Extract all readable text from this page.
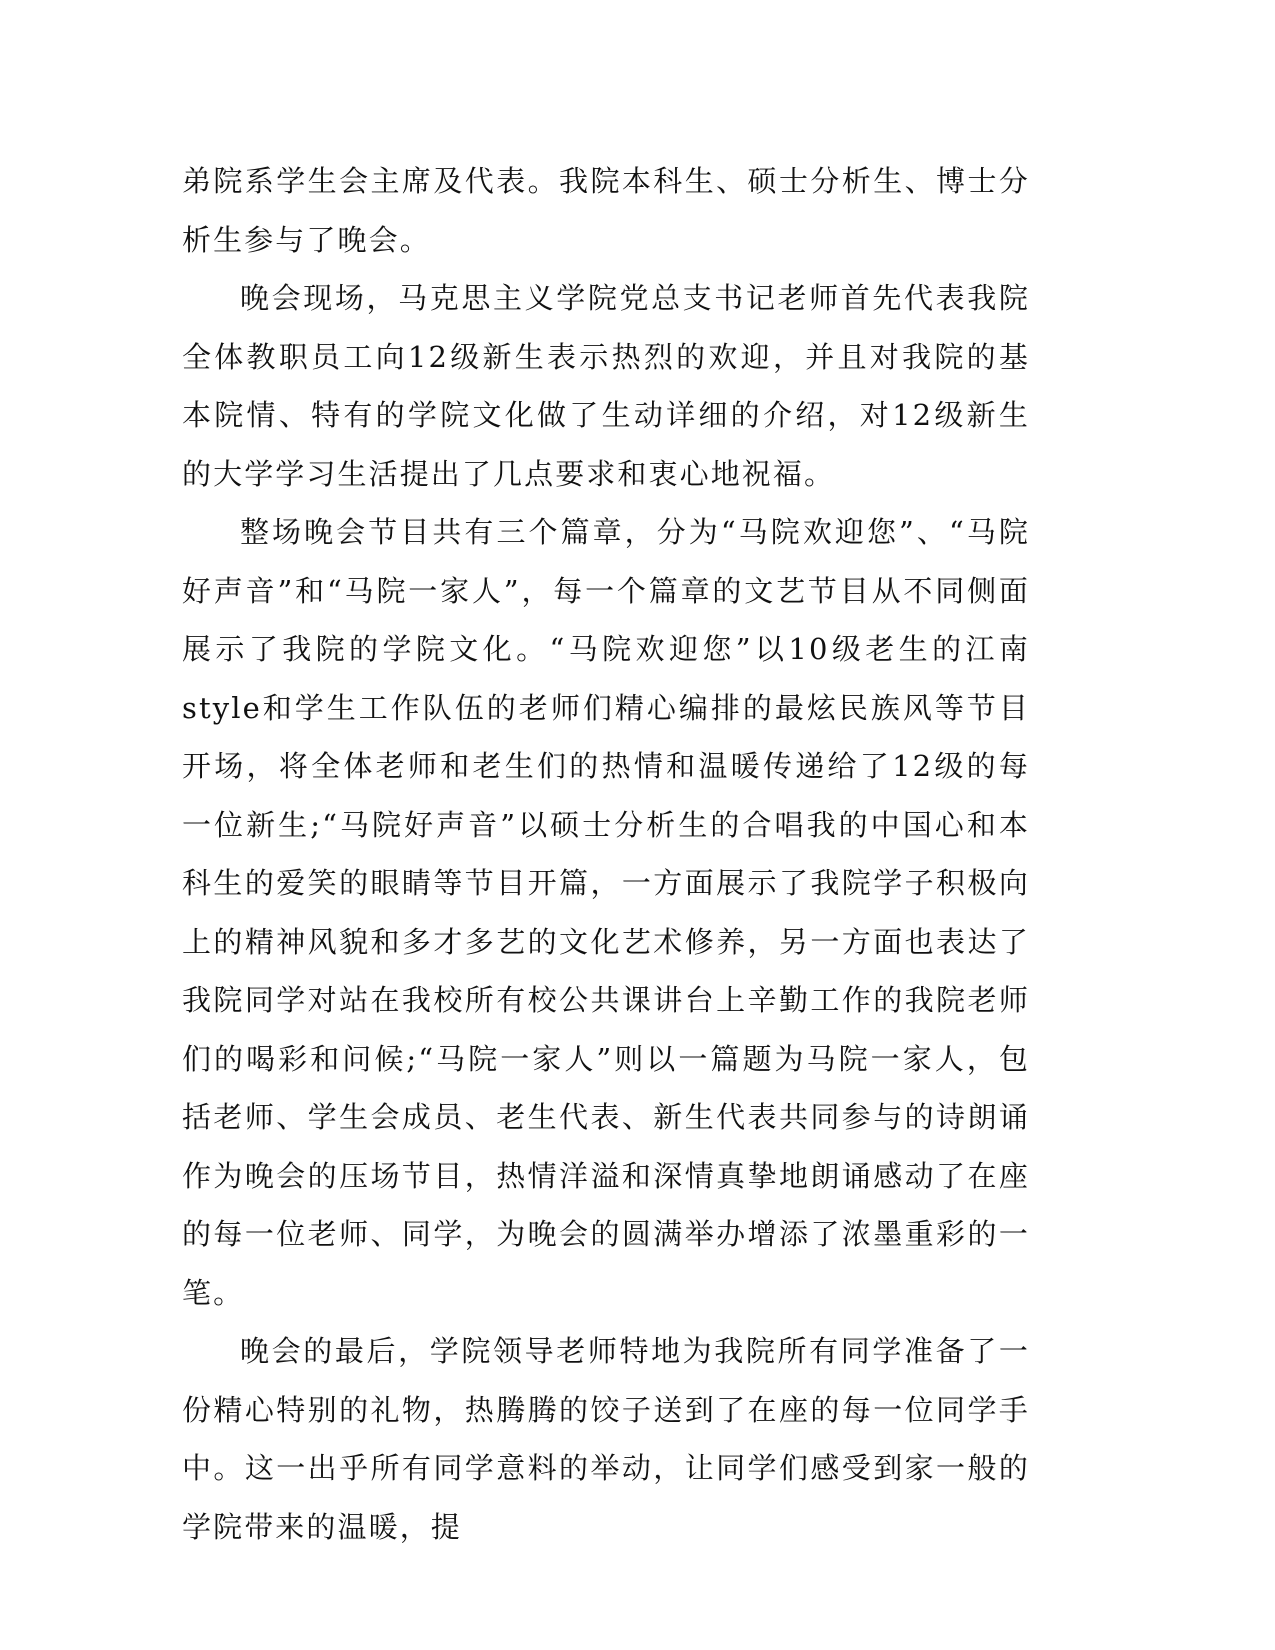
弟院系学生会主席及代表。我院本科生、硕士分析生、博士分析生参与了晚会。

晚会现场，马克思主义学院党总支书记老师首先代表我院全体教职员工向12级新生表示热烈的欢迎，并且对我院的基本院情、特有的学院文化做了生动详细的介绍，对12级新生的大学学习生活提出了几点要求和衷心地祝福。

整场晚会节目共有三个篇章，分为“马院欢迎您”、“马院好声音”和“马院一家人”，每一个篇章的文艺节目从不同侧面展示了我院的学院文化。“马院欢迎您”以10级老生的江南style和学生工作队伍的老师们精心编排的最炫民族风等节目开场，将全体老师和老生们的热情和温暖传递给了12级的每一位新生;“马院好声音”以硕士分析生的合唱我的中国心和本科生的爱笑的眼睛等节目开篇，一方面展示了我院学子积极向上的精神风貌和多才多艺的文化艺术修养，另一方面也表达了我院同学对站在我校所有校公共课讲台上辛勤工作的我院老师们的喝彩和问候;“马院一家人”则以一篇题为马院一家人，包括老师、学生会成员、老生代表、新生代表共同参与的诗朗诵作为晚会的压场节目，热情洋溢和深情真挚地朗诵感动了在座的每一位老师、同学，为晚会的圆满举办增添了浓墨重彩的一笔。

晚会的最后，学院领导老师特地为我院所有同学准备了一份精心特别的礼物，热腾腾的饺子送到了在座的每一位同学手中。这一出乎所有同学意料的举动，让同学们感受到家一般的学院带来的温暖，提
